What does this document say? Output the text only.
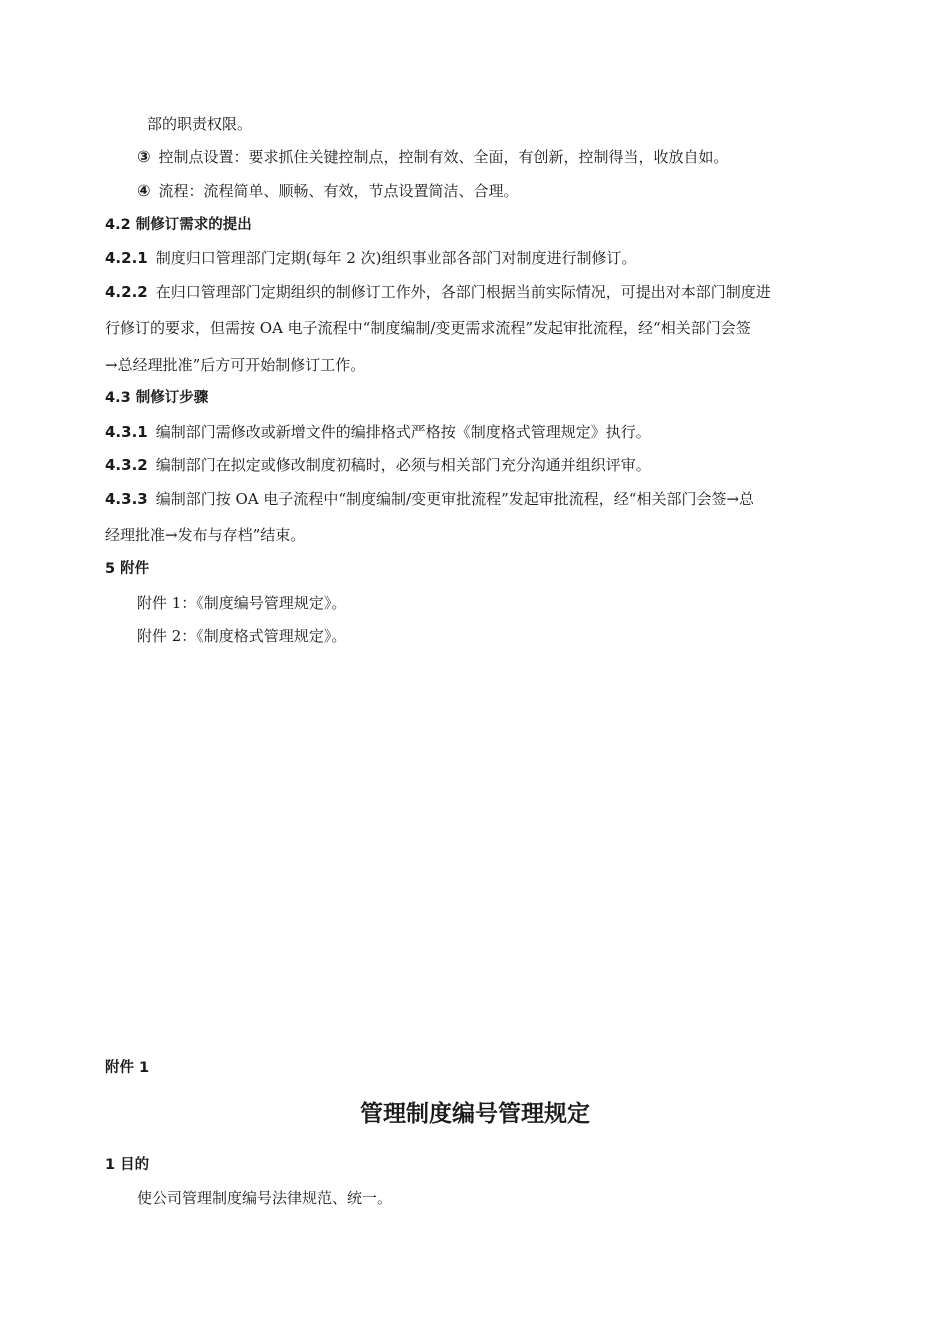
部的职责权限。
③ 控制点设置：要求抓住关键控制点，控制有效、全面，有创新，控制得当，收放自如。
④ 流程：流程简单、顺畅、有效，节点设置简洁、合理。
4.2 制修订需求的提出
4.2.1 制度归口管理部门定期(每年 2 次)组织事业部各部门对制度进行制修订。
4.2.2 在归口管理部门定期组织的制修订工作外，各部门根据当前实际情况，可提出对本部门制度进
行修订的要求，但需按 OA 电子流程中“制度编制/变更需求流程”发起审批流程，经“相关部门会签
→总经理批准”后方可开始制修订工作。
4.3 制修订步骤
4.3.1 编制部门需修改或新增文件的编排格式严格按《制度格式管理规定》执行。
4.3.2 编制部门在拟定或修改制度初稿时，必须与相关部门充分沟通并组织评审。
4.3.3 编制部门按 OA 电子流程中“制度编制/变更审批流程”发起审批流程，经“相关部门会签→总
经理批准→发布与存档”结束。
5 附件
附件 1：《制度编号管理规定》。
附件 2：《制度格式管理规定》。
附件 1
管理制度编号管理规定
1 目的
使公司管理制度编号法律规范、统一。
